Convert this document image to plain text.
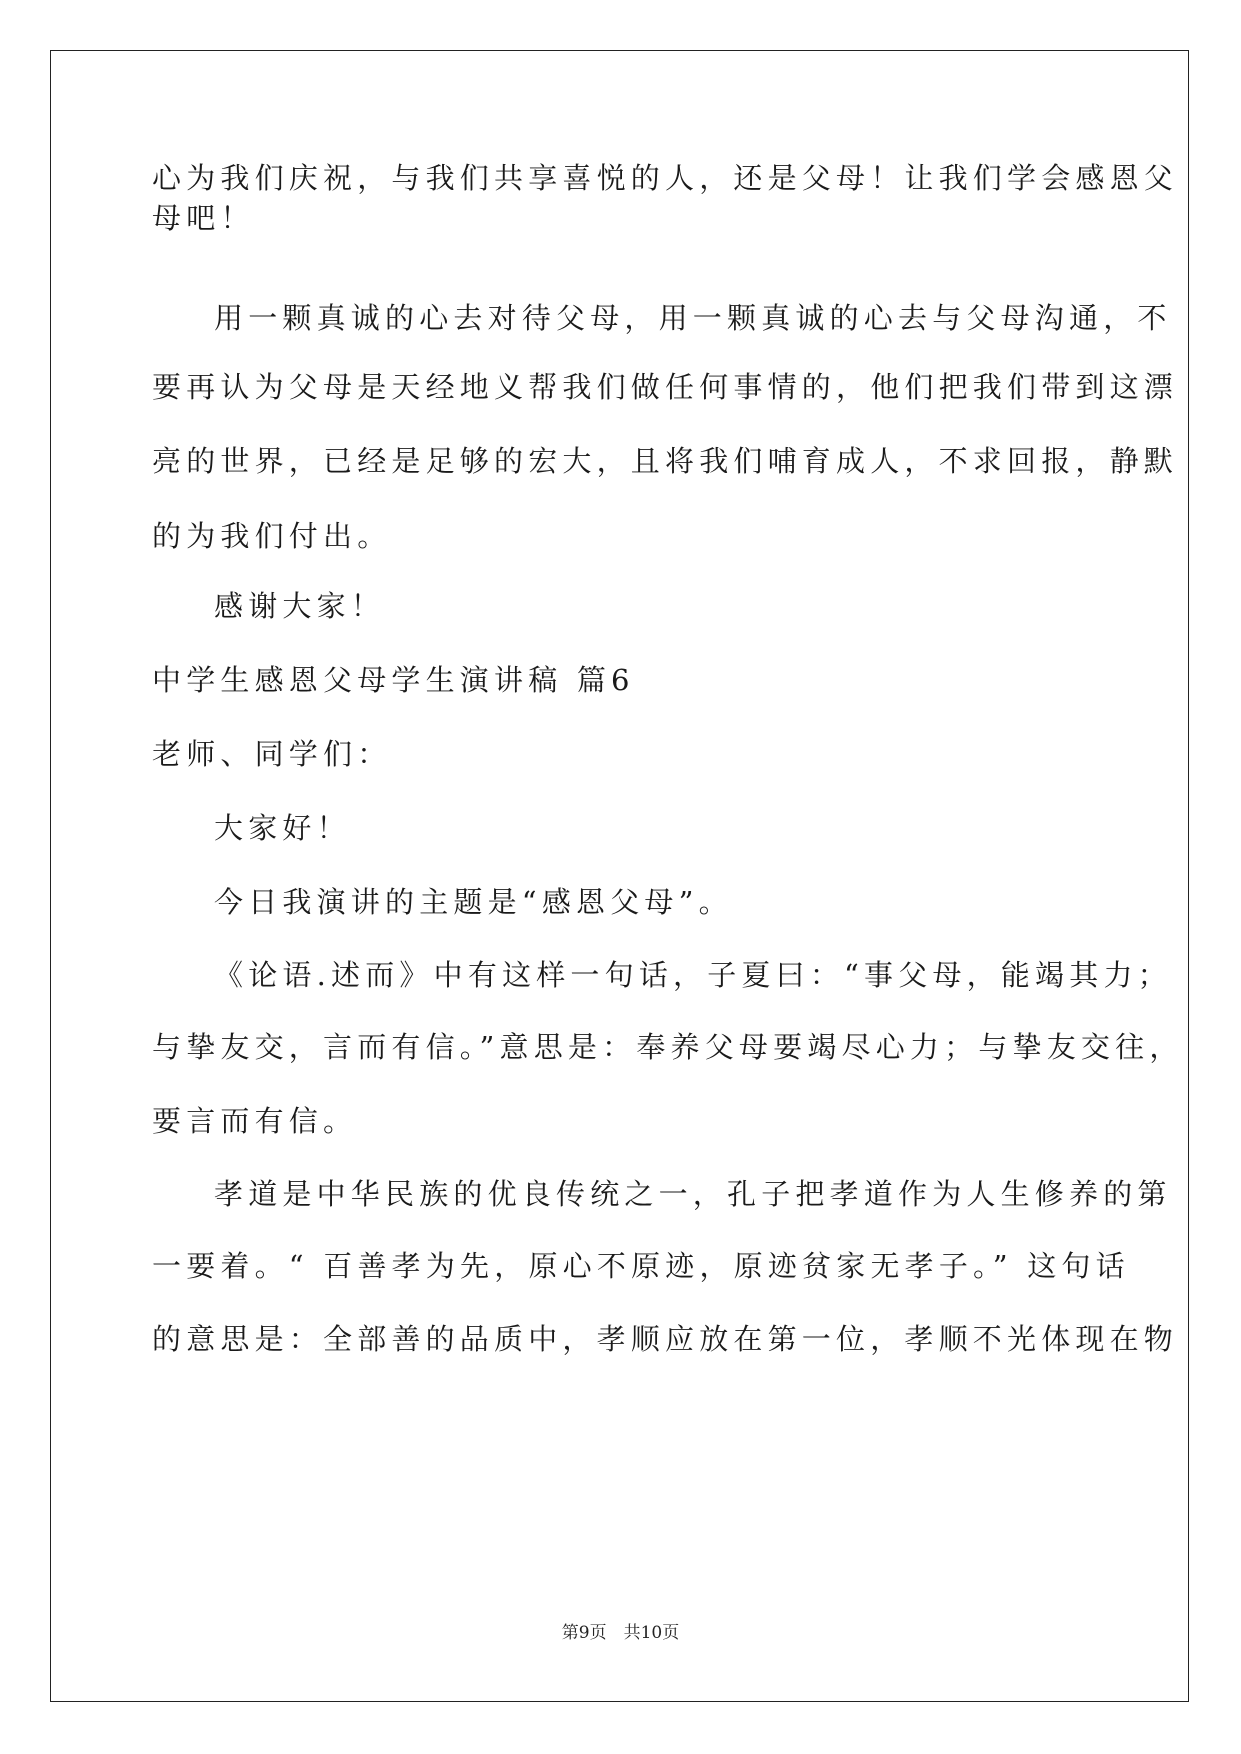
心为我们庆祝，与我们共享喜悦的人，还是父母！让我们学会感恩父
母吧！
用一颗真诚的心去对待父母，用一颗真诚的心去与父母沟通，不
要再认为父母是天经地义帮我们做任何事情的，他们把我们带到这漂
亮的世界，已经是足够的宏大，且将我们哺育成人，不求回报，静默
的为我们付出。
感谢大家！
中学生感恩父母学生演讲稿 篇6
老师、同学们：
大家好！
今日我演讲的主题是“感恩父母”。
《论语.述而》中有这样一句话，子夏曰：“事父母，能竭其力；
与挚友交，言而有信。”意思是：奉养父母要竭尽心力；与挚友交往，
要言而有信。
孝道是中华民族的优良传统之一，孔子把孝道作为人生修养的第
一要着。“ 百善孝为先，原心不原迹，原迹贫家无孝子。” 这句话
的意思是：全部善的品质中，孝顺应放在第一位，孝顺不光体现在物
第9页　共10页
